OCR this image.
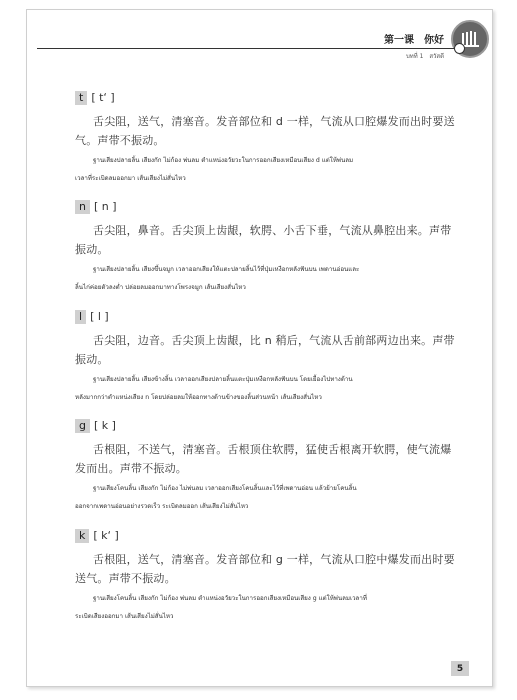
第一课　你好
บทที่ 1　สวัสดี
t [ t‘ ]
舌尖阻，送气，清塞音。发音部位和 d 一样，气流从口腔爆发而出时要送气。声带不振动。
ฐานเสียงปลายลิ้น เสียงกัก ไม่ก้อง พ่นลม ตำแหน่งอวัยวะในการออกเสียงเหมือนเสียง d แต่ให้พ่นลม
เวลาที่ระเบิดลมออกมา เส้นเสียงไม่สั่นไหว
n [ n ]
舌尖阻，鼻音。舌尖顶上齿龈，软腭、小舌下垂，气流从鼻腔出来。声带振动。
ฐานเสียงปลายลิ้น เสียงขึ้นจมูก เวลาออกเสียงให้แตะปลายลิ้นไว้ที่ปุ่มเหงือกหลังฟันบน เพดานอ่อนและ
ลิ้นไก่ค่อยตัวลงต่ำ ปล่อยลมออกมาทางโพรงจมูก เส้นเสียงสั่นไหว
l [ l ]
舌尖阻，边音。舌尖顶上齿龈，比 n 稍后，气流从舌前部两边出来。声带振动。
ฐานเสียงปลายลิ้น เสียงข้างลิ้น เวลาออกเสียงปลายลิ้นแตะปุ่มเหงือกหลังฟันบน โดยเยื้องไปทางด้าน
หลังมากกว่าตำแหน่งเสียง n โดยปล่อยลมให้ออกทางด้านข้างของลิ้นส่วนหน้า เส้นเสียงสั่นไหว
g [ k ]
舌根阻，不送气，清塞音。舌根顶住软腭，猛使舌根离开软腭，使气流爆发而出。声带不振动。
ฐานเสียงโคนลิ้น เสียงกัก ไม่ก้อง ไม่พ่นลม เวลาออกเสียงโคนลิ้นและไว้ที่เพดานอ่อน แล้วย้ายโคนลิ้น
ออกจากเพดานอ่อนอย่างรวดเร็ว ระเบิดลมออก เส้นเสียงไม่สั่นไหว
k [ k‘ ]
舌根阻，送气，清塞音。发音部位和 g 一样，气流从口腔中爆发而出时要送气。声带不振动。
ฐานเสียงโคนลิ้น เสียงกัก ไม่ก้อง พ่นลม ตำแหน่งอวัยวะในการออกเสียงเหมือนเสียง g แต่ให้พ่นลมเวลาที่
ระเบิดเสียงออกมา เส้นเสียงไม่สั่นไหว
5
